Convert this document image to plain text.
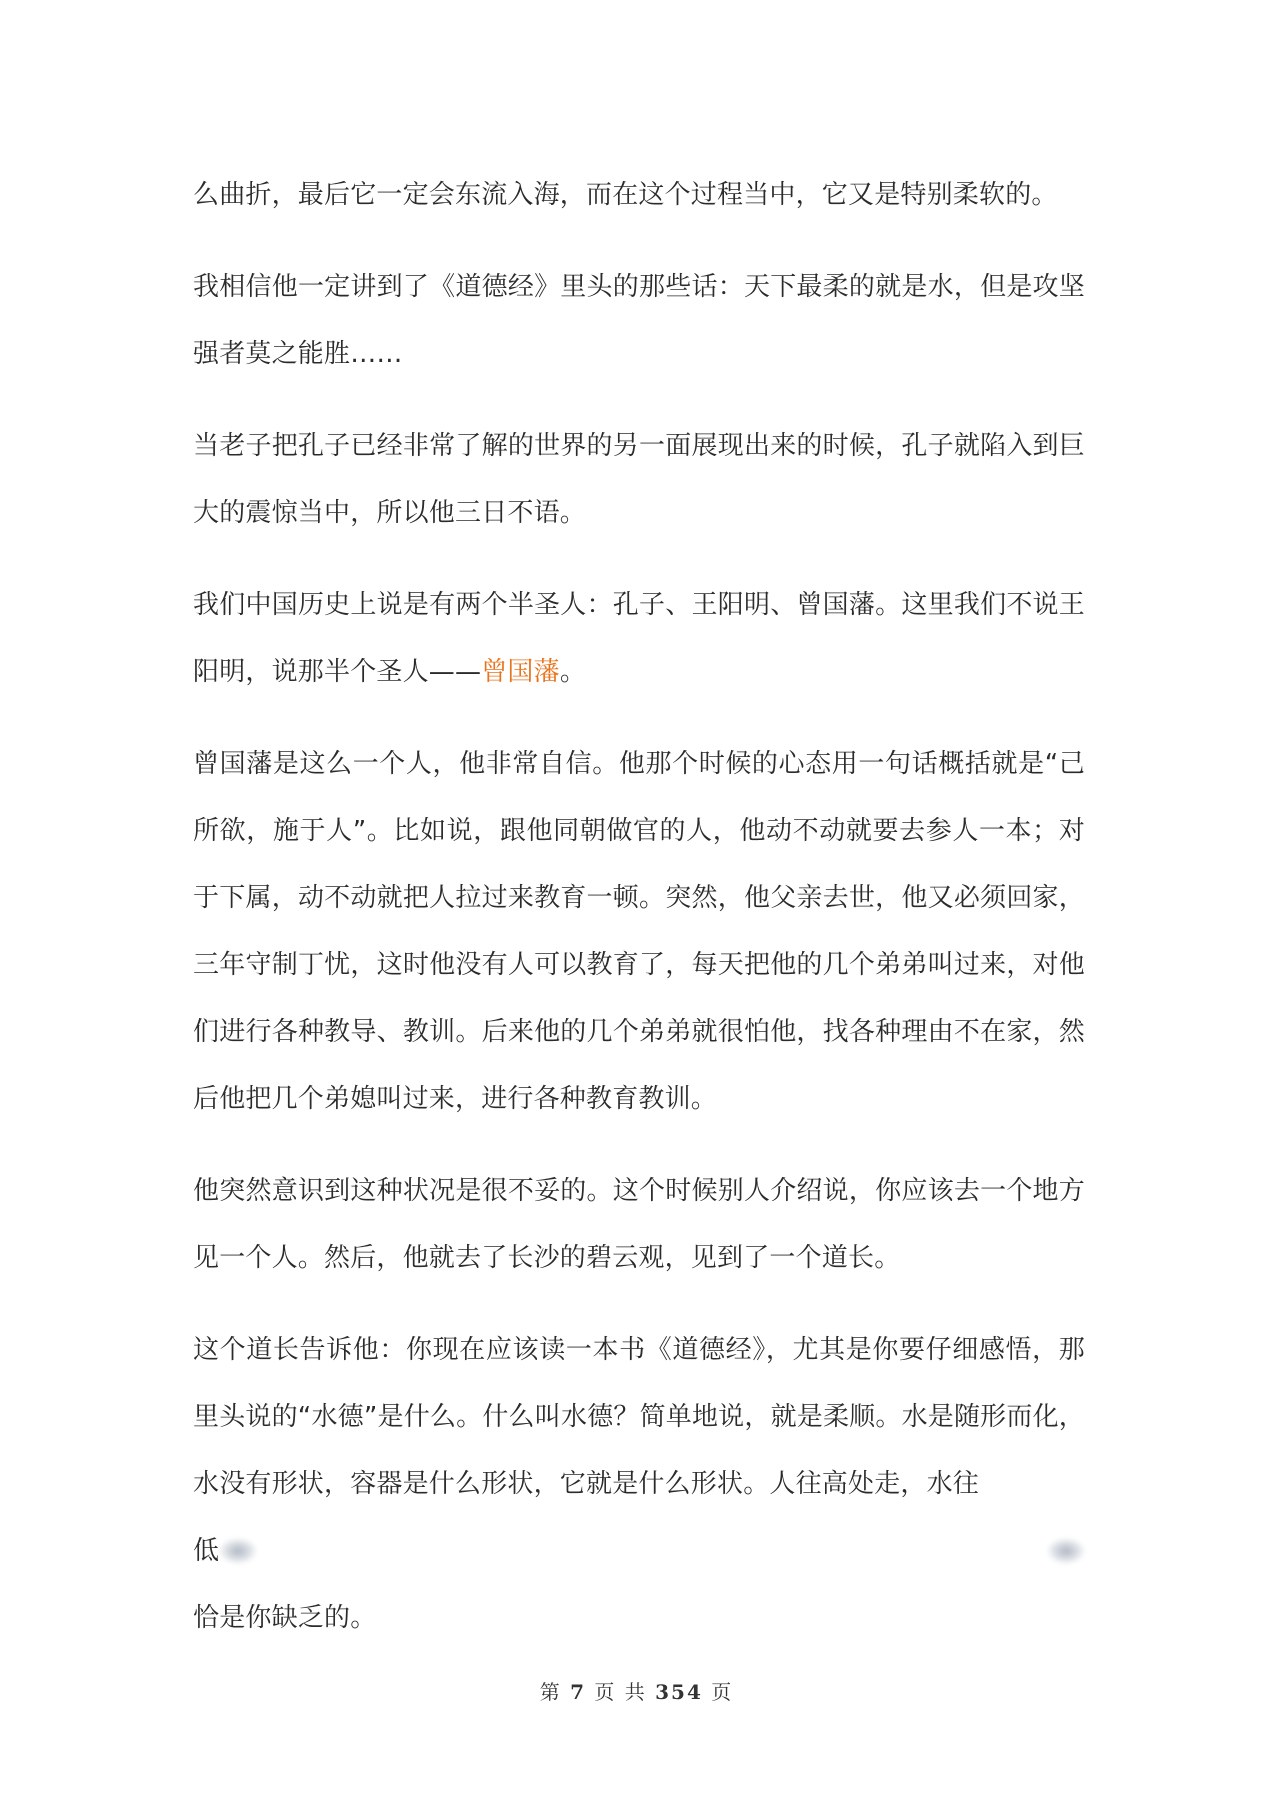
么曲折，最后它一定会东流入海，而在这个过程当中，它又是特别柔软的。

我相信他一定讲到了《道德经》里头的那些话：天下最柔的就是水，但是攻坚强者莫之能胜……

当老子把孔子已经非常了解的世界的另一面展现出来的时候，孔子就陷入到巨大的震惊当中，所以他三日不语。

我们中国历史上说是有两个半圣人：孔子、王阳明、曾国藩。这里我们不说王阳明，说那半个圣人——曾国藩。

曾国藩是这么一个人，他非常自信。他那个时候的心态用一句话概括就是“己所欲，施于人”。比如说，跟他同朝做官的人，他动不动就要去参人一本；对于下属，动不动就把人拉过来教育一顿。突然，他父亲去世，他又必须回家，三年守制丁忧，这时他没有人可以教育了，每天把他的几个弟弟叫过来，对他们进行各种教导、教训。后来他的几个弟弟就很怕他，找各种理由不在家，然后他把几个弟媳叫过来，进行各种教育教训。

他突然意识到这种状况是很不妥的。这个时候别人介绍说，你应该去一个地方见一个人。然后，他就去了长沙的碧云观，见到了一个道长。

这个道长告诉他：你现在应该读一本书《道德经》，尤其是你要仔细感悟，那里头说的“水德”是什么。什么叫水德？简单地说，就是柔顺。水是随形而化，水没有形状，容器是什么形状，它就是什么形状。人往高处走，水往
低
恰是你缺乏的。
第 7 页 共 354 页
